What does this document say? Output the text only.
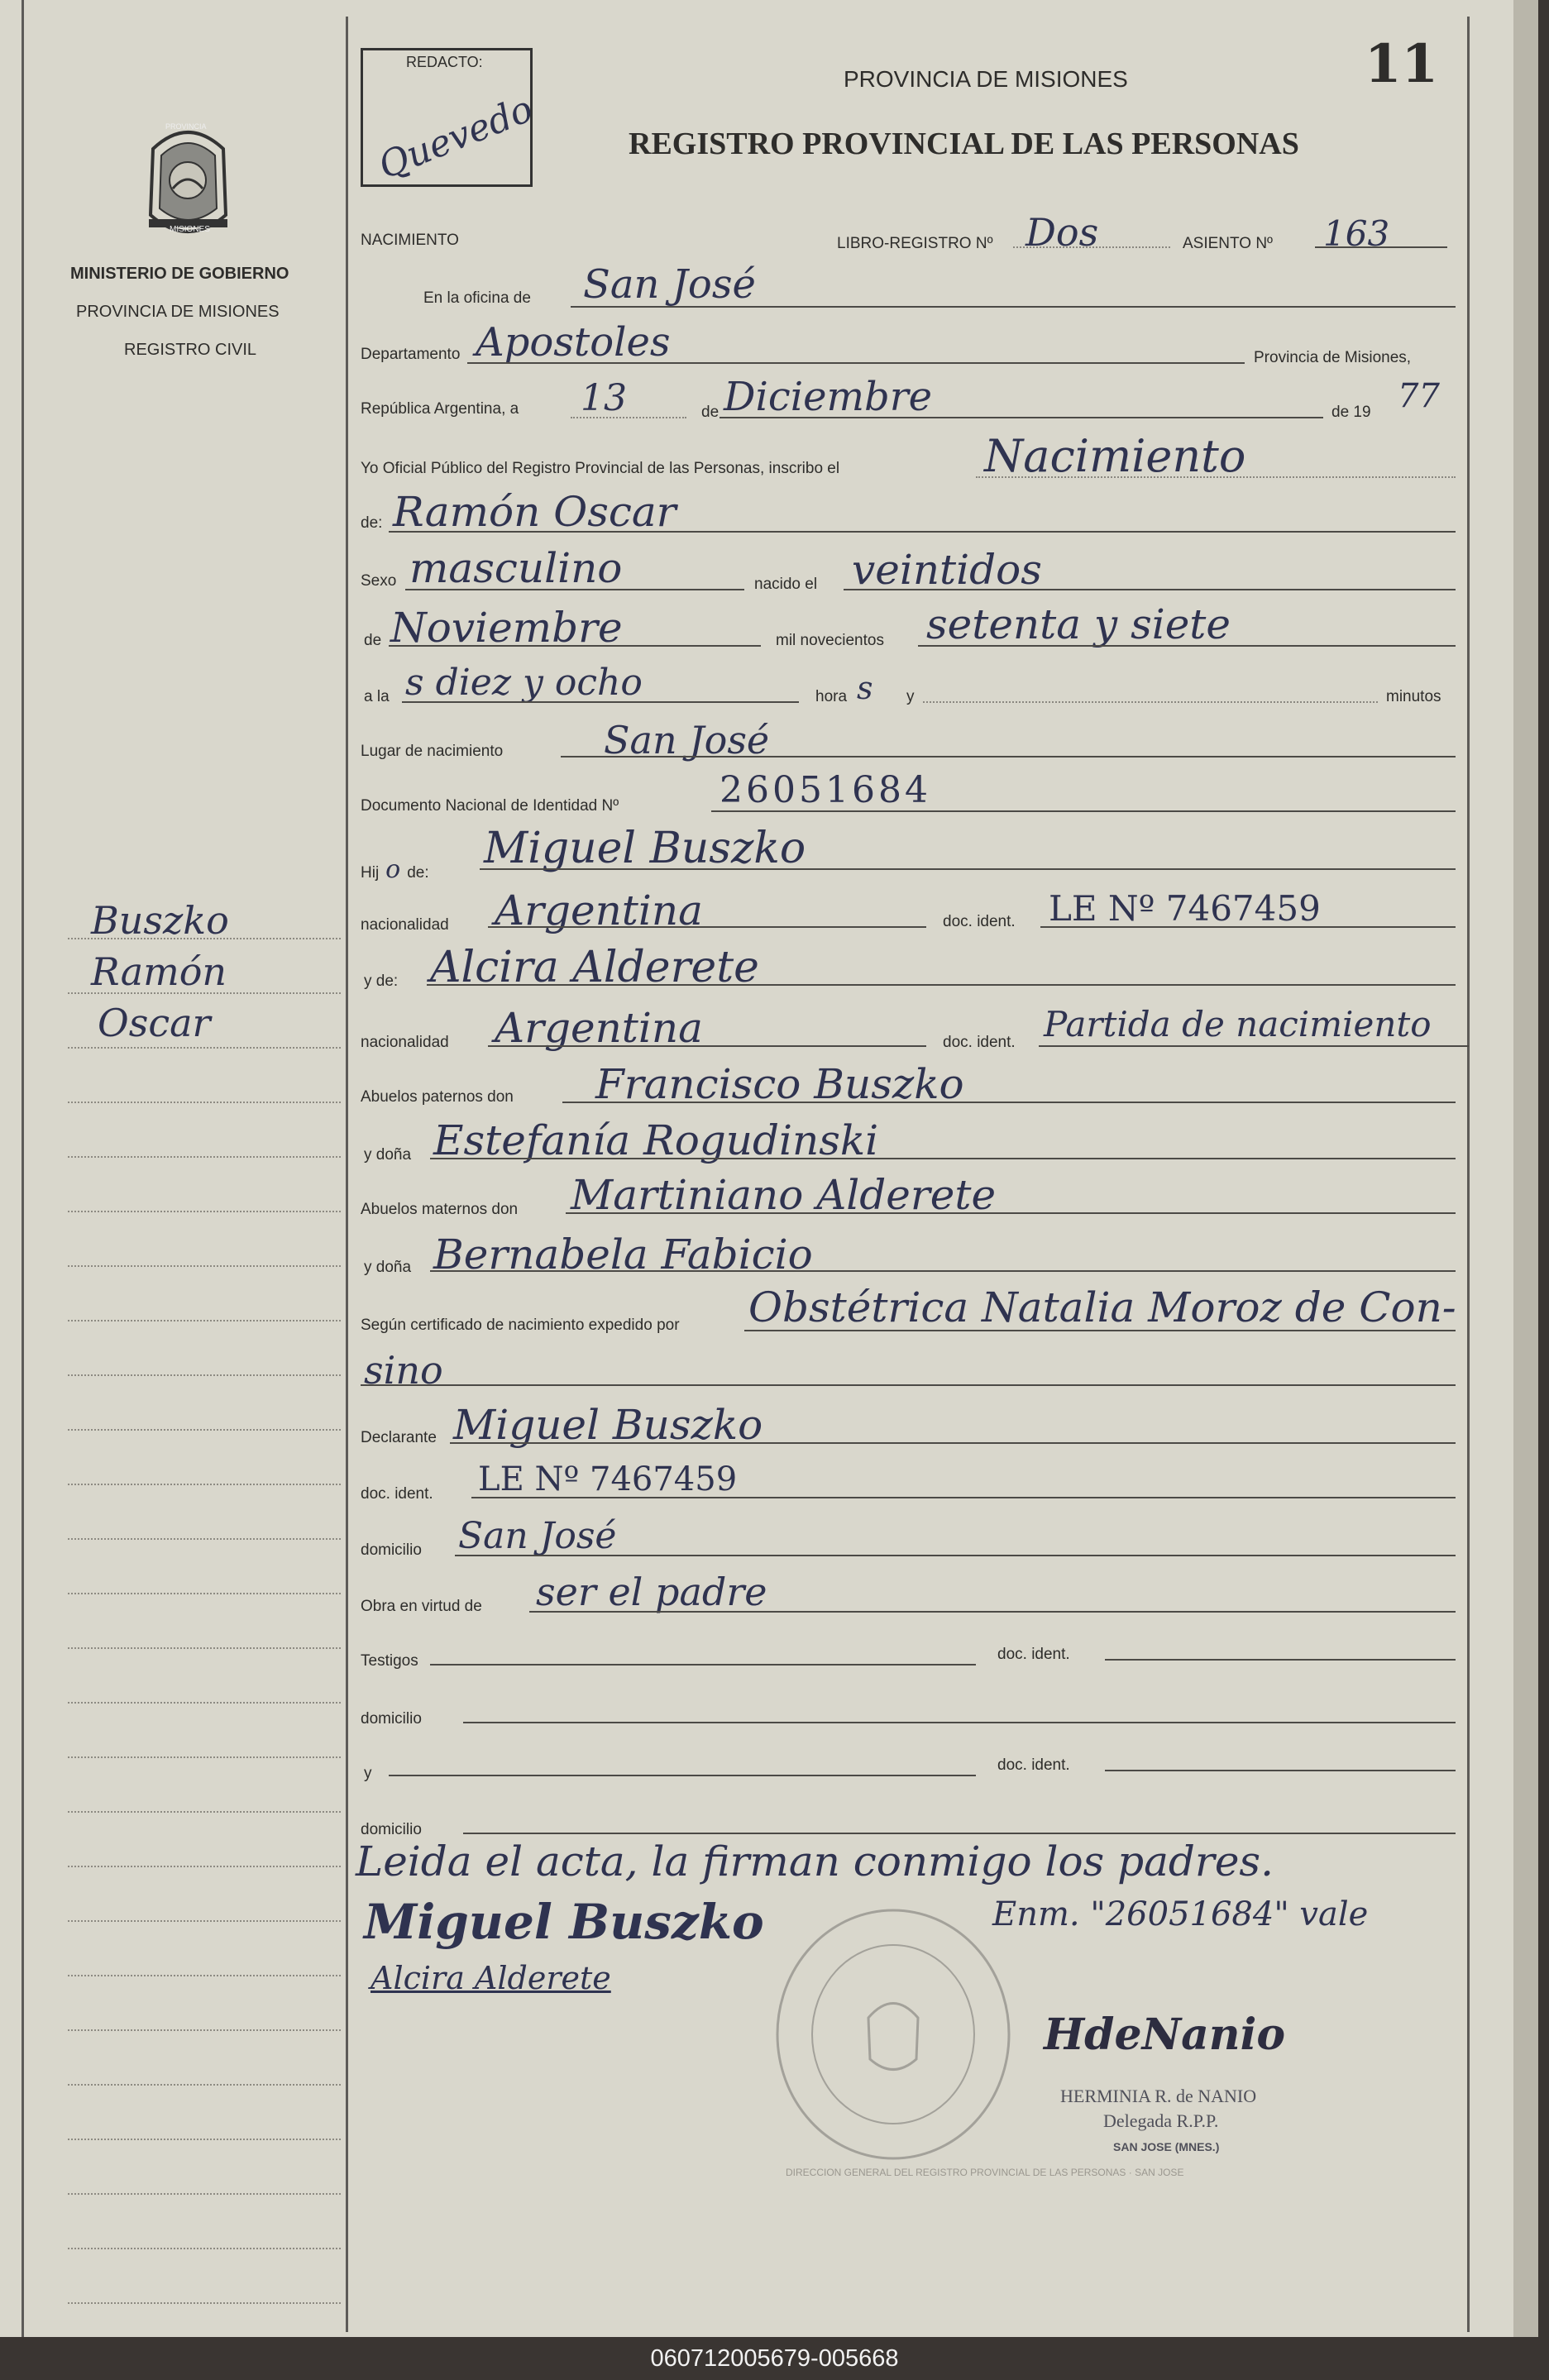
PROVINCIA
MISIONES
MINISTERIO DE GOBIERNO
PROVINCIA DE MISIONES
REGISTRO CIVIL
REDACTO:
Quevedo
PROVINCIA DE MISIONES	11
REGISTRO PROVINCIAL DE LAS PERSONAS
NACIMIENTO	LIBRO-REGISTRO Nº Dos	ASIENTO Nº 163
En la oficina de San José
Departamento Apostoles	Provincia de Misiones,
República Argentina, a 13	de Diciembre	de 19 77
Yo Oficial Público del Registro Provincial de las Personas, inscribo el	Nacimiento
de: Ramón Oscar
Sexo masculino	nacido el veintidos
de Noviembre	mil novecientos setenta y siete
a la s diez y ocho	hora s y	minutos
Lugar de nacimiento	San José
Documento Nacional de Identidad Nº	26051684
Hij o de: Miguel Buszko
nacionalidad Argentina	doc. ident. LE Nº 7467459
y de: Alcira Alderete
nacionalidad Argentina	doc. ident. Partida de nacimiento
Abuelos paternos don Francisco Buszko
y doña Estefanía Rogudinski
Abuelos maternos don Martiniano Alderete
y doña Bernabela Fabicio
Según certificado de nacimiento expedido por Obstétrica Natalia Moroz de Con-
sino
Declarante Miguel Buszko
doc. ident. LE Nº 7467459
domicilio San José
Obra en virtud de ser el padre
Testigos	doc. ident.
domicilio
y	doc. ident.
domicilio
Leida el acta, la firman conmigo los padres.
Miguel Buszko	Enm. "26051684" vale
Alcira Alderete
DIRECCION GENERAL DEL REGISTRO PROVINCIAL DE LAS PERSONAS · SAN JOSE
HdeNanio
HERMINIA R. de NANIO
Delegada R.P.P.
SAN JOSE (MNES.)
Buszko
Ramón
Oscar
060712005679-005668
